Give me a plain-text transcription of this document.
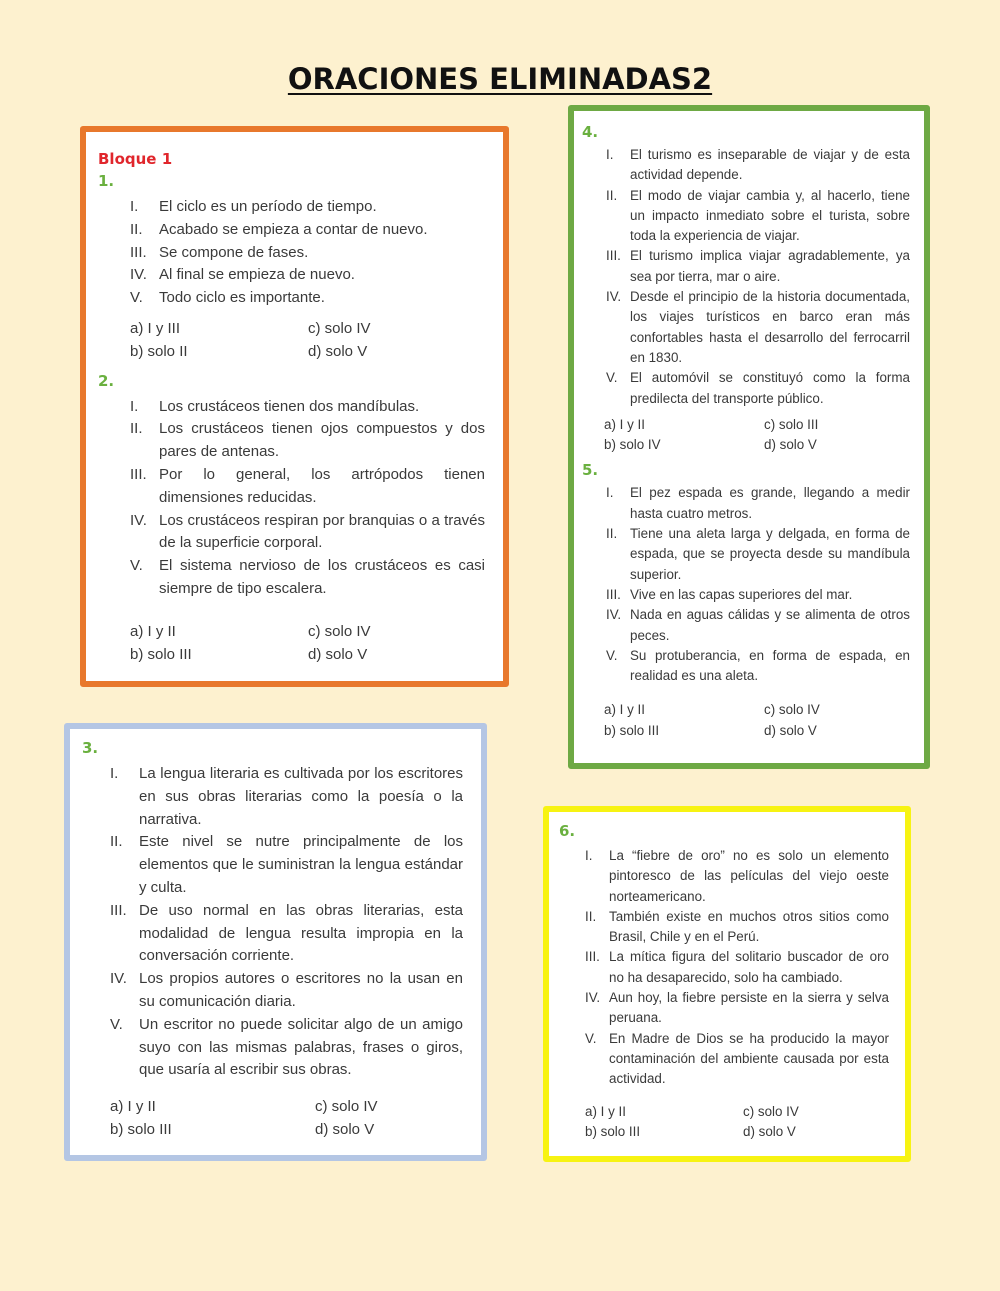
ORACIONES ELIMINADAS2
Bloque 1
1.
I.	El ciclo es un período de tiempo.
II.	Acabado se empieza a contar de nuevo.
III. Se compone de fases.
IV. Al final se empieza de nuevo.
V.	Todo ciclo es importante.
a) I y III	c) solo IV
b) solo II	d) solo V
2.
I.	Los crustáceos tienen dos mandíbulas.
II.	Los crustáceos tienen ojos compuestos y dos pares de antenas.
III. Por lo general, los artrópodos tienen dimensiones reducidas.
IV. Los crustáceos respiran por branquias o a través de la superficie corporal.
V.	El sistema nervioso de los crustáceos es casi siempre de tipo escalera.
a) I y II	c) solo IV
b) solo III	d) solo V
4.
I.	El turismo es inseparable de viajar y de esta actividad depende.
II. El modo de viajar cambia y, al hacerlo, tiene un impacto inmediato sobre el turista, sobre toda la experiencia de viajar.
III. El turismo implica viajar agradablemente, ya sea por tierra, mar o aire.
IV. Desde el principio de la historia documentada, los viajes turísticos en barco eran más confortables hasta el desarrollo del ferrocarril en 1830.
V. El automóvil se constituyó como la forma predilecta del transporte público.
a) I y II	c) solo III
b) solo IV	d) solo V
5.
I.	El pez espada es grande, llegando a medir hasta cuatro metros.
II. Tiene una aleta larga y delgada, en forma de espada, que se proyecta desde su mandíbula superior.
III. Vive en las capas superiores del mar.
IV. Nada en aguas cálidas y se alimenta de otros peces.
V. Su protuberancia, en forma de espada, en realidad es una aleta.
a) I y II	c) solo IV
b) solo III	d) solo V
3.
I.	La lengua literaria es cultivada por los escritores en sus obras literarias como la poesía o la narrativa.
II.	Este nivel se nutre principalmente de los elementos que le suministran la lengua estándar y culta.
III. De uso normal en las obras literarias, esta modalidad de lengua resulta impropia en la conversación corriente.
IV. Los propios autores o escritores no la usan en su comunicación diaria.
V.	Un escritor no puede solicitar algo de un amigo suyo con las mismas palabras, frases o giros, que usaría al escribir sus obras.
a) I y II	c) solo IV
b) solo III	d) solo V
6.
I.	La “fiebre de oro” no es solo un elemento pintoresco de las películas del viejo oeste norteamericano.
II. También existe en muchos otros sitios como Brasil, Chile y en el Perú.
III. La mítica figura del solitario buscador de oro no ha desaparecido, solo ha cambiado.
IV. Aun hoy, la fiebre persiste en la sierra y selva peruana.
V. En Madre de Dios se ha producido la mayor contaminación del ambiente causada por esta actividad.
a) I y II	c) solo IV
b) solo III	d) solo V
